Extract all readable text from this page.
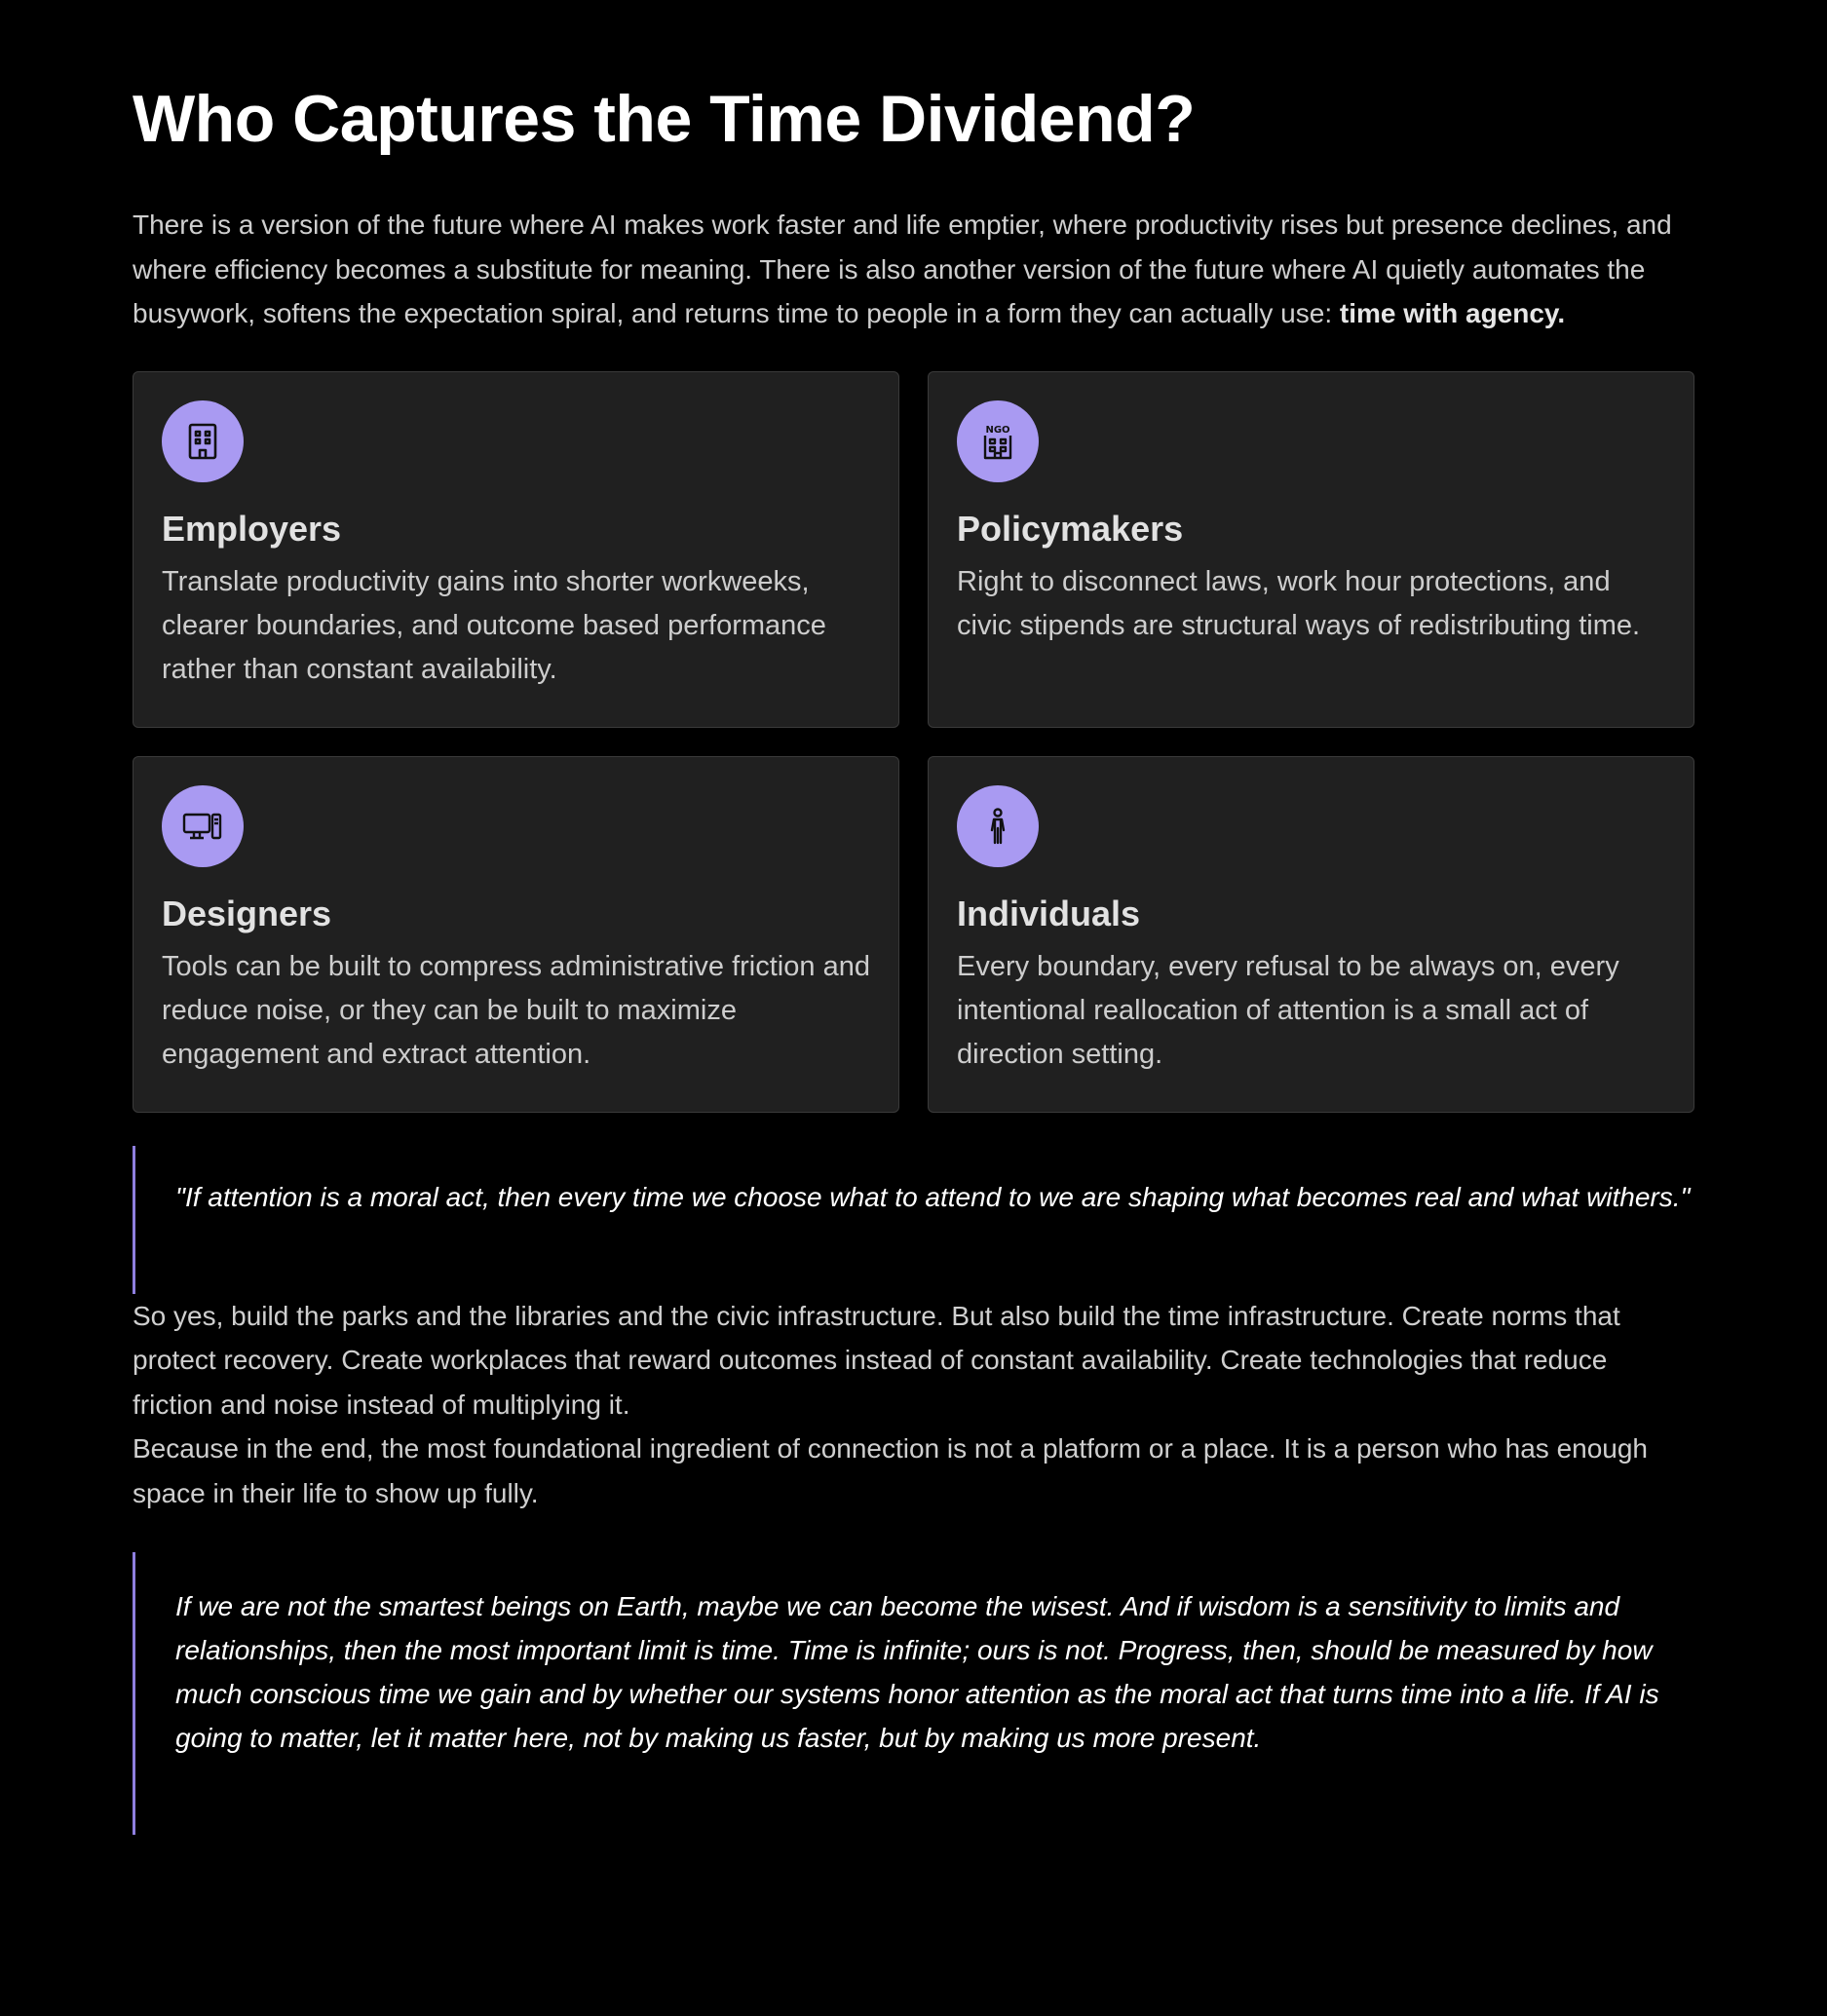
Who Captures the Time Dividend?

There is a version of the future where AI makes work faster and life emptier, where productivity rises but presence declines, and where efficiency becomes a substitute for meaning. There is also another version of the future where AI quietly automates the busywork, softens the expectation spiral, and returns time to people in a form they can actually use: time with agency.

Employers

Translate productivity gains into shorter workweeks, clearer boundaries, and outcome based performance rather than constant availability.

NGO
Policymakers

Right to disconnect laws, work hour protections, and civic stipends are structural ways of redistributing time.

Designers

Tools can be built to compress administrative friction and reduce noise, or they can be built to maximize engagement and extract attention.

Individuals

Every boundary, every refusal to be always on, every intentional reallocation of attention is a small act of direction setting.

"If attention is a moral act, then every time we choose what to attend to we are shaping what becomes real and what withers."

So yes, build the parks and the libraries and the civic infrastructure. But also build the time infrastructure. Create norms that protect recovery. Create workplaces that reward outcomes instead of constant availability. Create technologies that reduce friction and noise instead of multiplying it.

Because in the end, the most foundational ingredient of connection is not a platform or a place. It is a person who has enough space in their life to show up fully.

If we are not the smartest beings on Earth, maybe we can become the wisest. And if wisdom is a sensitivity to limits and relationships, then the most important limit is time. Time is infinite; ours is not. Progress, then, should be measured by how much conscious time we gain and by whether our systems honor attention as the moral act that turns time into a life. If AI is going to matter, let it matter here, not by making us faster, but by making us more present.
